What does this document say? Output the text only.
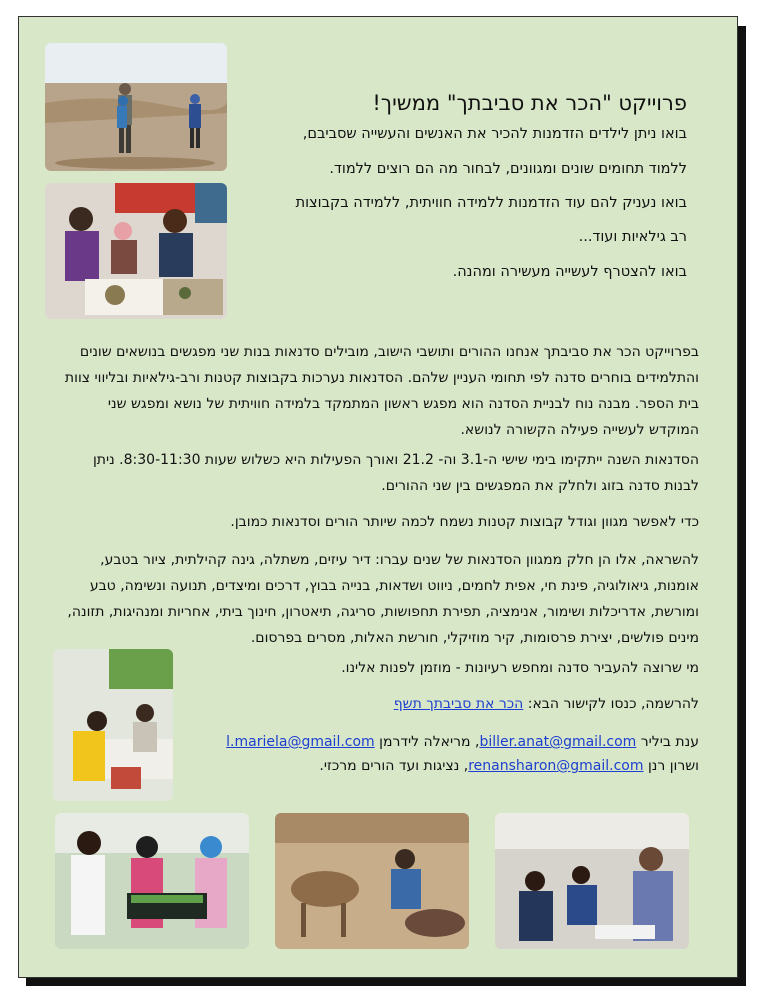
פרוייקט "הכר את סביבתך" ממשיך!
בואו ניתן לילדים הזדמנות להכיר את האנשים והעשייה שסביבם,
ללמוד תחומים שונים ומגוונים, לבחור מה הם רוצים ללמוד.
בואו נעניק להם עוד הזדמנות ללמידה חוויתית, ללמידה בקבוצות
רב גילאיות ועוד...
בואו להצטרף לעשייה מעשירה ומהנה.
בפרוייקט הכר את סביבתך אנחנו ההורים ותושבי הישוב, מובילים סדנאות בנות שני מפגשים בנושאים שונים והתלמידים בוחרים סדנה לפי תחומי העניין שלהם. הסדנאות נערכות בקבוצות קטנות ורב-גילאיות ובליווי צוות בית הספר. מבנה נוח לבניית הסדנה הוא מפגש ראשון המתמקד בלמידה חוויתית של נושא ומפגש שני המוקדש לעשייה פעילה הקשורה לנושא.
הסדנאות השנה ייתקימו בימי שישי ה-3.1 וה- 21.2 ואורך הפעילות היא כשלוש שעות 8:30-11:30. ניתן לבנות סדנה בזוג ולחלק את המפגשים בין שני ההורים.
כדי לאפשר מגוון וגודל קבוצות קטנות נשמח לכמה שיותר הורים וסדנאות כמובן.
להשראה, אלו הן חלק ממגוון הסדנאות של שנים עברו: דיר עיזים, משתלה, גינה קהילתית, ציור בטבע, אומנות, גיאולוגיה, פינת חי, אפית לחמים, ניווט ושדאות, בנייה בבוץ, דרכים ומיצדים, תנועה ונשימה, טבע ומורשת, אדריכלות ושימור, אנימציה, תפירת תחפושות, סריגה, תיאטרון, חינוך ביתי, אחריות ומנהיגות, תזונה, מינים פולשים, יצירת פרסומות, קיר מוזיקלי, חורשת האלות, מסרים בפרסום.
מי שרוצה להעביר סדנה ומחפש רעיונות - מוזמן לפנות אלינו.
להרשמה, כנסו לקישור הבא: הכר את סביבתך תשף
ענת ביליר biller.anat@gmail.com, מריאלה לידרמן l.mariela@gmail.com
ושרון רנן renansharon@gmail.com, נציגות ועד הורים מרכזי.
